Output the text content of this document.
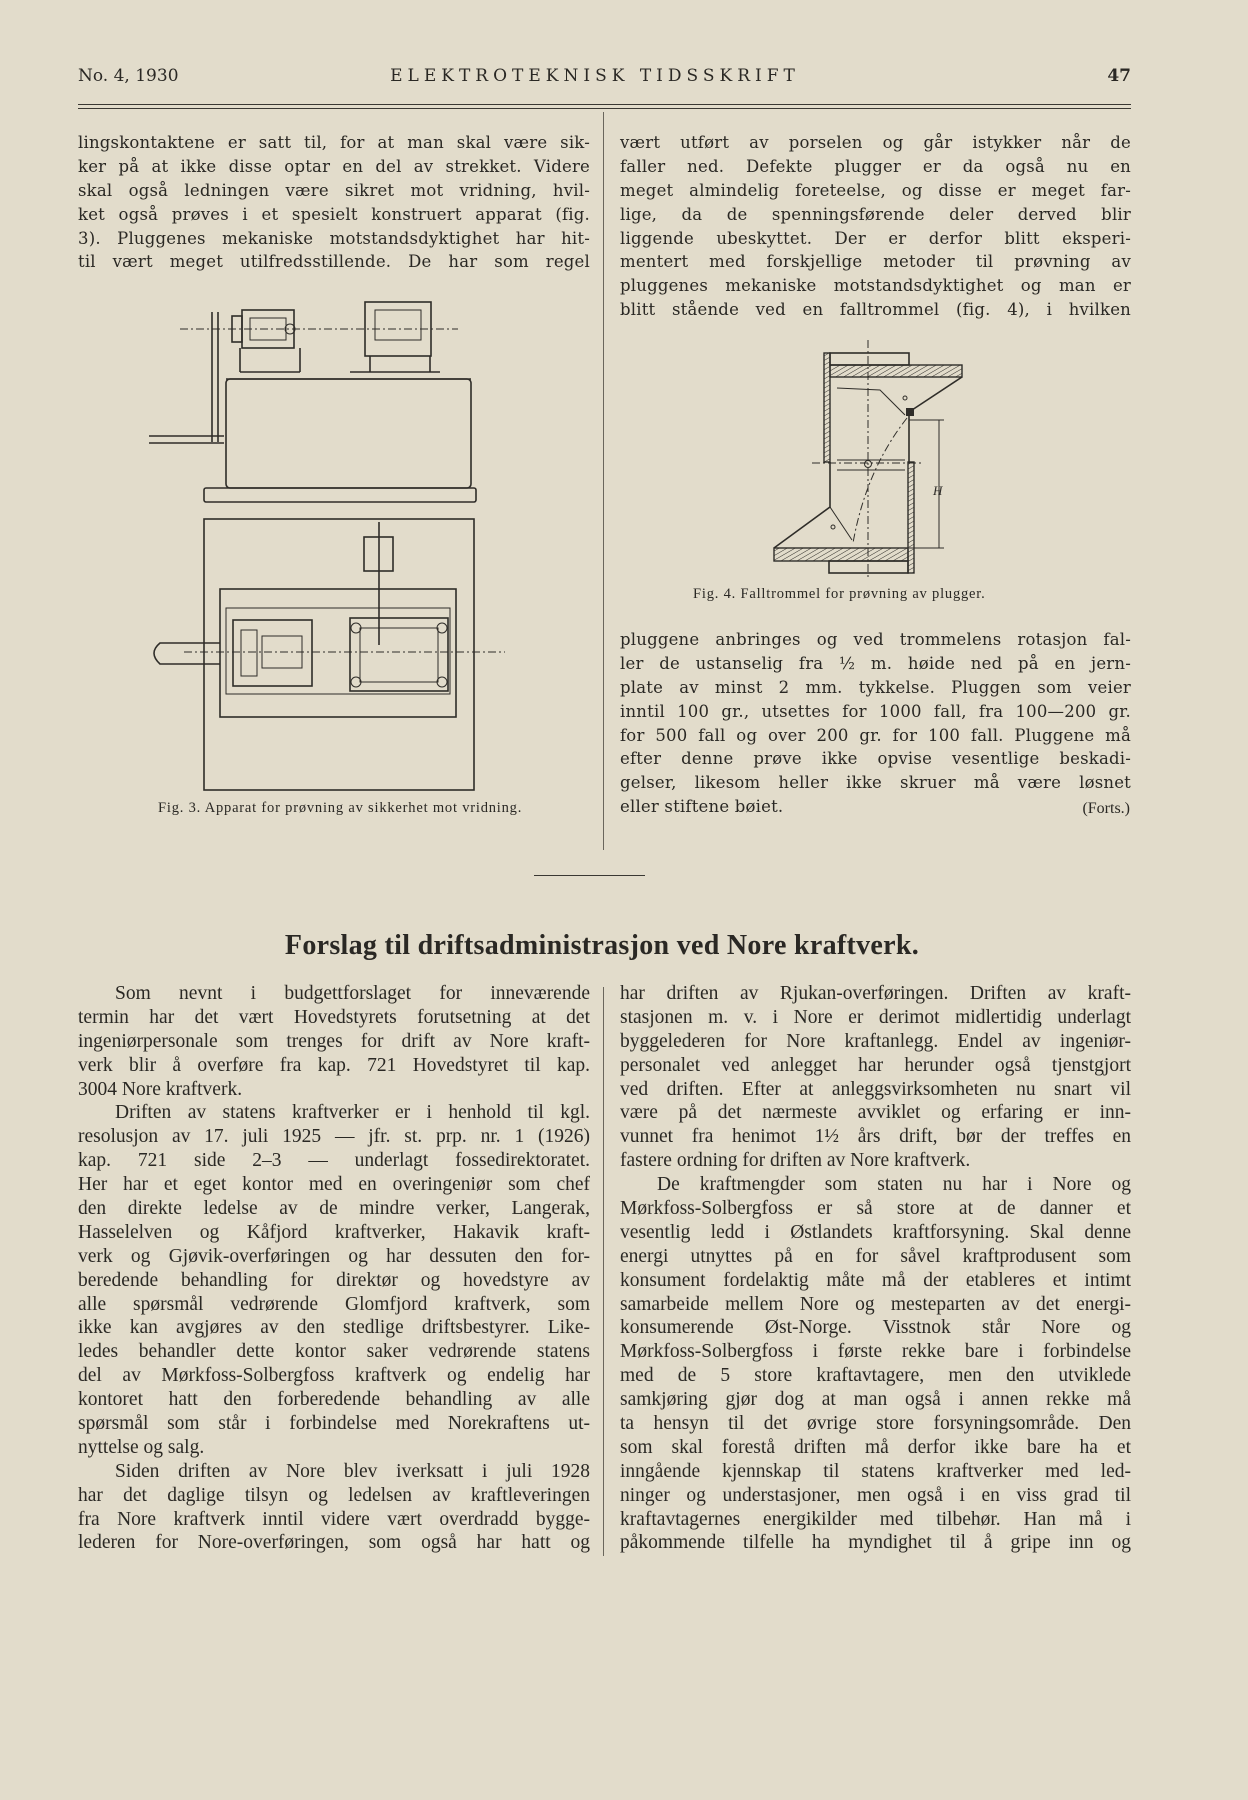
No. 4, 1930	ELEKTROTEKNISK TIDSSKRIFT	47
lingskontaktene er satt til, for at man skal være sik-
ker på at ikke disse optar en del av strekket. Videre
skal også ledningen være sikret mot vridning, hvil-
ket også prøves i et spesielt konstruert apparat (fig.
3). Pluggenes mekaniske motstandsdyktighet har hit-
til vært meget utilfredsstillende. De har som regel
vært utført av porselen og går istykker når de
faller ned. Defekte plugger er da også nu en
meget almindelig foreteelse, og disse er meget far-
lige, da de spenningsførende deler derved blir
liggende ubeskyttet. Der er derfor blitt eksperi-
mentert med forskjellige metoder til prøvning av
pluggenes mekaniske motstandsdyktighet og man er
blitt stående ved en falltrommel (fig. 4), i hvilken
pluggene anbringes og ved trommelens rotasjon fal-
ler de ustanselig fra ½ m. høide ned på en jern-
plate av minst 2 mm. tykkelse. Pluggen som veier
inntil 100 gr., utsettes for 1000 fall, fra 100—200 gr.
for 500 fall og over 200 gr. for 100 fall. Pluggene må
efter denne prøve ikke opvise vesentlige beskadi-
gelser, likesom heller ikke skruer må være løsnet
eller stiftene bøiet.	(Forts.)
Fig. 3. Apparat for prøvning av sikkerhet mot vridning.
H
Fig. 4. Falltrommel for prøvning av plugger.
Forslag til driftsadministrasjon ved Nore kraftverk.
Som nevnt i budgettforslaget for inneværende
termin har det vært Hovedstyrets forutsetning at det
ingeniørpersonale som trenges for drift av Nore kraft-
verk blir å overføre fra kap. 721 Hovedstyret til kap.
3004 Nore kraftverk.
Driften av statens kraftverker er i henhold til kgl.
resolusjon av 17. juli 1925 — jfr. st. prp. nr. 1 (1926)
kap. 721 side 2–3 — underlagt fossedirektoratet.
Her har et eget kontor med en overingeniør som chef
den direkte ledelse av de mindre verker, Langerak,
Hasselelven og Kåfjord kraftverker, Hakavik kraft-
verk og Gjøvik-overføringen og har dessuten den for-
beredende behandling for direktør og hovedstyre av
alle spørsmål vedrørende Glomfjord kraftverk, som
ikke kan avgjøres av den stedlige driftsbestyrer. Like-
ledes behandler dette kontor saker vedrørende statens
del av Mørkfoss-Solbergfoss kraftverk og endelig har
kontoret hatt den forberedende behandling av alle
spørsmål som står i forbindelse med Norekraftens ut-
nyttelse og salg.
Siden driften av Nore blev iverksatt i juli 1928
har det daglige tilsyn og ledelsen av kraftleveringen
fra Nore kraftverk inntil videre vært overdradd bygge-
lederen for Nore-overføringen, som også har hatt og
har driften av Rjukan-overføringen. Driften av kraft-
stasjonen m. v. i Nore er derimot midlertidig underlagt
byggelederen for Nore kraftanlegg. Endel av ingeniør-
personalet ved anlegget har herunder også tjenstgjort
ved driften. Efter at anleggsvirksomheten nu snart vil
være på det nærmeste avviklet og erfaring er inn-
vunnet fra henimot 1½ års drift, bør der treffes en
fastere ordning for driften av Nore kraftverk.
De kraftmengder som staten nu har i Nore og
Mørkfoss-Solbergfoss er så store at de danner et
vesentlig ledd i Østlandets kraftforsyning. Skal denne
energi utnyttes på en for såvel kraftprodusent som
konsument fordelaktig måte må der etableres et intimt
samarbeide mellem Nore og mesteparten av det energi-
konsumerende Øst-Norge. Visstnok står Nore og
Mørkfoss-Solbergfoss i første rekke bare i forbindelse
med de 5 store kraftavtagere, men den utviklede
samkjøring gjør dog at man også i annen rekke må
ta hensyn til det øvrige store forsyningsområde. Den
som skal forestå driften må derfor ikke bare ha et
inngående kjennskap til statens kraftverker med led-
ninger og understasjoner, men også i en viss grad til
kraftavtagernes energikilder med tilbehør. Han må i
påkommende tilfelle ha myndighet til å gripe inn og
